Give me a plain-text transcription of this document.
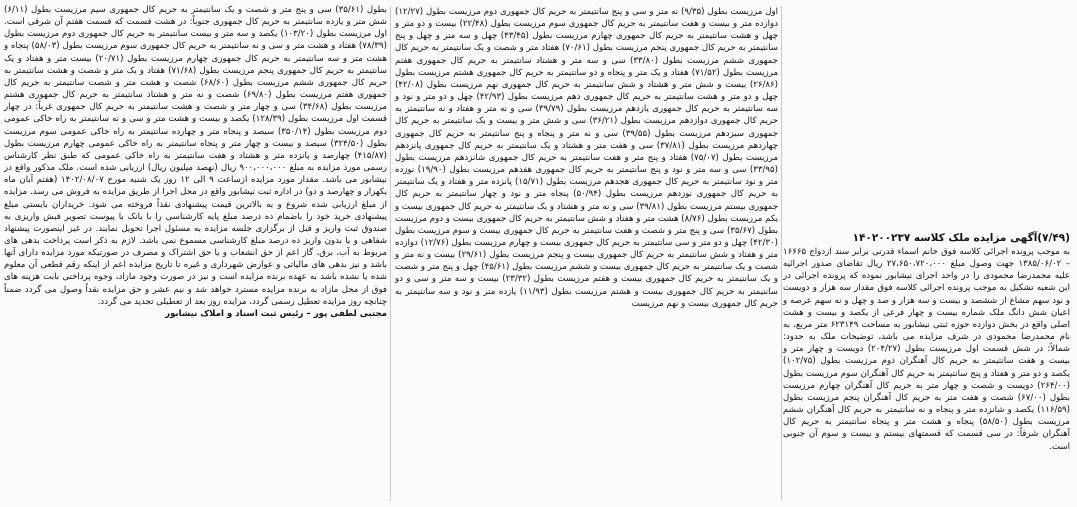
بطول (۳۵/۶۱) سی و پنج متر و شصت و یک سانتیمتر به حریم کال جمهوری سیم مرزیست بطول (۶/۱۱) شش متر و یازده سانتیمتر به حریم کال جمهوری جنوباً: در هشت قسمت که قسمت هفتم آن شرقی است. اول مرزیست بطول (۱۰۳/۲۰) یکصد و سه متر و بیست سانتیمتر به حریم کال جمهوری دوم مرزیست بطول (۷۸/۳۹) هفتاد و هشت متر و سی و نه سانتیمتر به حریم کال جمهوری سوم مرزیست بطول (۵۸/۰۳) پنجاه و هشت متر و سه سانتیمتر به حریم کال جمهوری چهارم مرزیست بطول (۲۰/۷۱) بیست متر و هفتاد و یک سانتیمتر به حریم کال جمهوری پنجم مرزیست بطول (۷۱/۶۸) هفتاد و یک متر و شصت و هشت سانتیمتر به حریم کال جمهوری ششم مرزیست بطول (۶۸/۶۰) شصت و هشت متر و شصت سانتیمتر به حریم کال جمهوری هفتم مرزیست بطول (۶۹/۸۰) شصت و نه متر و هشتاد سانتیمتر به حریم کال جمهوری هشتم مرزیست بطول (۳۴/۶۸) سی و چهار متر و شصت و هشت سانتیمتر به حریم کال جمهوری غرباً: در چهار قسمت اول مرزیست بطول (۱۲۸/۳۹) یکصد و بیست و هشت متر و سی و نه سانتیمتر به راه خاکی عمومی دوم مرزیست بطول (۳۵۰/۱۴) سیصد و پنجاه متر و چهارده سانتیمتر به راه خاکی عمومی سوم مرزیست بطول (۳۲۴/۵۰) سیصد و بیست و چهار متر و پنجاه سانتیمتر به راه خاکی عمومی چهارم مرزیست بطول (۴۱۵/۸۷) چهارصد و پانزده متر و هشتاد و هفت سانتیمتر به راه خاکی عمومی که طبق نظر کارشناس رسمی مورد مزایده به مبلغ ۹۰۰،۰۰۰،۰۰۰ ریال (نهصد میلیون ریال) ارزیابی شده است. ملک مذکور واقع در نیشابور می باشد. مقدار مورد مزایده ازساعت ۹ الی ۱۲ روز یک شنبه مورخ ۱۴۰۲/۰۸/۰۷ (هفتم آبان ماه یکهزار و چهارصد و دو) در اداره ثبت نیشابور واقع در محل اجرا از طریق مزایده به فروش می رسد. مزایده از مبلغ ارزیابی شده شروع و به بالاترین قیمت پیشنهادی نقداً فروخته می شود. خریداران بایستی مبلغ پیشنهادی خرید خود را باضمام ده درصد مبلغ پایه کارشناسی را با بانک با پیوست تصویر فیش واریزی به صندوق ثبت واریز و قبل از برگزاری جلسه مزایده به مسئول اجرا تحویل نمایند. در غیر اینصورت پیشنهاد شفاهی و یا بدون واریز ده درصد مبلغ کارشناسی مسموع نمی باشد. لازم به ذکر است پرداخت بدهی های مربوط به آب، برق، گاز اعم از حق انشعاب و یا حق اشتراک و مصرف در صورتیکه مورد مزایده دارای آنها باشد و نیز بدهی های مالیاتی و عوارض شهرداری و غیره تا تاریخ مزایده اعم از اینکه رقم قطعی آن معلوم شده یا نشده باشد به عهده برنده مزایده است و نیز در صورت وجود مازاد، وجوه پرداختی بابت هزینه های فوق از محل مازاد به برنده مزایده مسترد خواهد شد و نیم عشر و حق مزایده نقداً وصول می گردد ضمناً چنانچه روز مزایده تعطیل رسمی گردد، مزایده روز بعد از تعطیلی تجدید می گردد.
مجتبی لطفی پور – رئیس ثبت اسناد و املاک نیشابور
اول مرزیست بطول (۹/۳۵) نه متر و سی و پنج سانتیمتر به حریم کال جمهوری دوم مرزیست بطول (۱۲/۲۷) دوازده متر و بیست و هفت سانتیمتر به حریم کال جمهوری سوم مرزیست بطول (۲۲/۴۸) بیست و دو متر و چهل و هشت سانتیمتر به حریم کال جمهوری چهارم مرزیست بطول (۴۳/۴۵) چهل و سه متر و چهل و پنج سانتیمتر به حریم کال جمهوری پنجم مرزیست بطول (۷۰/۶۱) هفتاد متر و شصت و یک سانتیمتر به حریم کال جمهوری ششم مرزیست بطول (۳۳/۸۰) سی و سه متر و هشتاد سانتیمتر به حریم کال جمهوری هفتم مرزیست بطول (۷۱/۵۲) هفتاد و یک متر و پنجاه و دو سانتیمتر به حریم کال جمهوری هشتم مرزیست بطول (۲۶/۸۶) بیست و شش متر و هشتاد و شش سانتیمتر به حریم کال جمهوری نهم مرزیست بطول (۴۲/۰۸) چهل و دو متر و هشت سانتیمتر به حریم کال جمهوری دهم مرزیست بطول (۴۲/۹۳) چهل و دو متر و نود و سه سانتیمتر به حریم کال جمهوری یازدهم مرزیست بطول (۳۹/۷۹) سی و نه متر و هفتاد و نه سانتیمتر به حریم کال جمهوری دوازدهم مرزیست بطول (۳۶/۲۱) سی و شش متر و بیست و یک سانتیمتر به حریم کال جمهوری سیزدهم مرزیست بطول (۳۹/۵۵) سی و نه متر و پنجاه و پنج سانتیمتر به حریم کال جمهوری چهاردهم مرزیست بطول (۳۷/۸۱) سی و هفت متر و هشتاد و یک سانتیمتر به حریم کال جمهوری پانزدهم مرزیست بطول (۷۵/۰۷) هفتاد و پنج متر و هفت سانتیمتر به حریم کال جمهوری شانزدهم مرزیست بطول (۳۳/۹۵) سی و سه متر و نود و پنج سانتیمتر به حریم کال جمهوری هفدهم مرزیست بطول (۱۹/۹۰) نوزده متر و نود سانتیمتر به حریم کال جمهوری هجدهم مرزیست بطول (۱۵/۷۱) پانزده متر و هفتاد و یک سانتیمتر به حریم کال جمهوری نوزدهم مرزیست بطول (۵۰/۹۴) پنجاه متر و نود و چهار سانتیمتر به حریم کال جمهوری بیستم مرزیست بطول (۳۹/۸۱) سی و نه متر و هشتاد و یک سانتیمتر به حریم کال جمهوری بیست و یکم مرزیست بطول (۸/۷۶) هشت متر و هفتاد و شش سانتیمتر به حریم کال جمهوری بیست و دوم مرزیست بطول (۳۵/۶۷) سی و پنج متر و شصت و هفت سانتیمتر به حریم کال جمهوری بیست و سوم مرزیست بطول (۴۲/۳۰) چهل و دو متر و سی سانتیمتر به حریم کال جمهوری بیست و چهارم مرزیست بطول (۱۲/۷۶) دوازده متر و هفتاد و شش سانتیمتر به حریم کال جمهوری بیست و پنجم مرزیست بطول (۲۹/۶۱) بیست و نه متر و شصت و یک سانتیمتر به حریم کال جمهوری بیست و ششم مرزیست بطول (۴۵/۶۱) چهل و پنج متر و شصت و یک سانتیمتر به حریم کال جمهوری بیست و هفتم مرزیست بطول (۲۳/۳۲) بیست و سه متر و سی و دو سانتیمتر به حریم کال جمهوری بیست و هشتم مرزیست بطول (۱۱/۹۳) یازده متر و نود و سه سانتیمتر به حریم کال جمهوری بیست و نهم مرزیست
(۷/۴۹)آگهی مزایده ملک کلاسه ۱۴۰۲۰۰۲۳۷
به موجب پرونده اجرائی کلاسه فوق خانم اسماء قدرتی برابر سند ازدواج ۱۶۶۶۵ – ۱۳۸۵/۰۶/۰۲ جهت وصول مبلغ ۲۷،۶۵۰،۷۲۰،۰۰۰ ریال تقاضای صدور اجرائیه علیه محمدرضا محمودی را در واحد اجرای نیشابور نموده که پرونده اجرائی در این شعبه تشکیل به موجب پرونده اجرائی کلاسه فوق مقدار سه هزار و دویست و نود سهم مشاع از ششصد و بیست و سه هزار و صد و چهل و نه سهم عرصه و اعیان شش دانگ ملک شماره بیست و چهار فرعی از یکصد و بیست و هشت اصلی واقع در بخش دوازده حوزه ثبتی نیشابور به مساحت ۶۲۳۱۴۹ متر مربع، به نام محمدرضا محمودی در شرف مزایده می باشد، توضیحات ملک به حدود: شمالاً: در شش قسمت اول مرزیست بطول (۲۰۴/۲۷) دویست و چهار متر و بیست و هفت سانتیمتر به حریم کال آهنگران دوم مرزیست بطول (۱۰۲/۷۵) یکصد و دو متر و هفتاد و پنج سانتیمتر به حریم کال آهنگران سوم مرزیست بطول (۲۶۴/۰۰) دویست و شصت و چهار متر به حریم کال آهنگران چهارم مرزیست بطول (۶۷/۰۰) شصت و هفت متر به حریم کال آهنگران پنجم مرزیست بطول (۱۱۶/۵۹) یکصد و شانزده متر و پنجاه و نه سانتیمتر به حریم کال آهنگران ششم مرزیست بطول (۵۸/۵۰) پنجاه و هشت متر و پنجاه سانتیمتر به حریم کال آهنگران شرقاً: در سی قسمت که قسمتهای بیستم و بیست و سوم آن جنوبی است.
